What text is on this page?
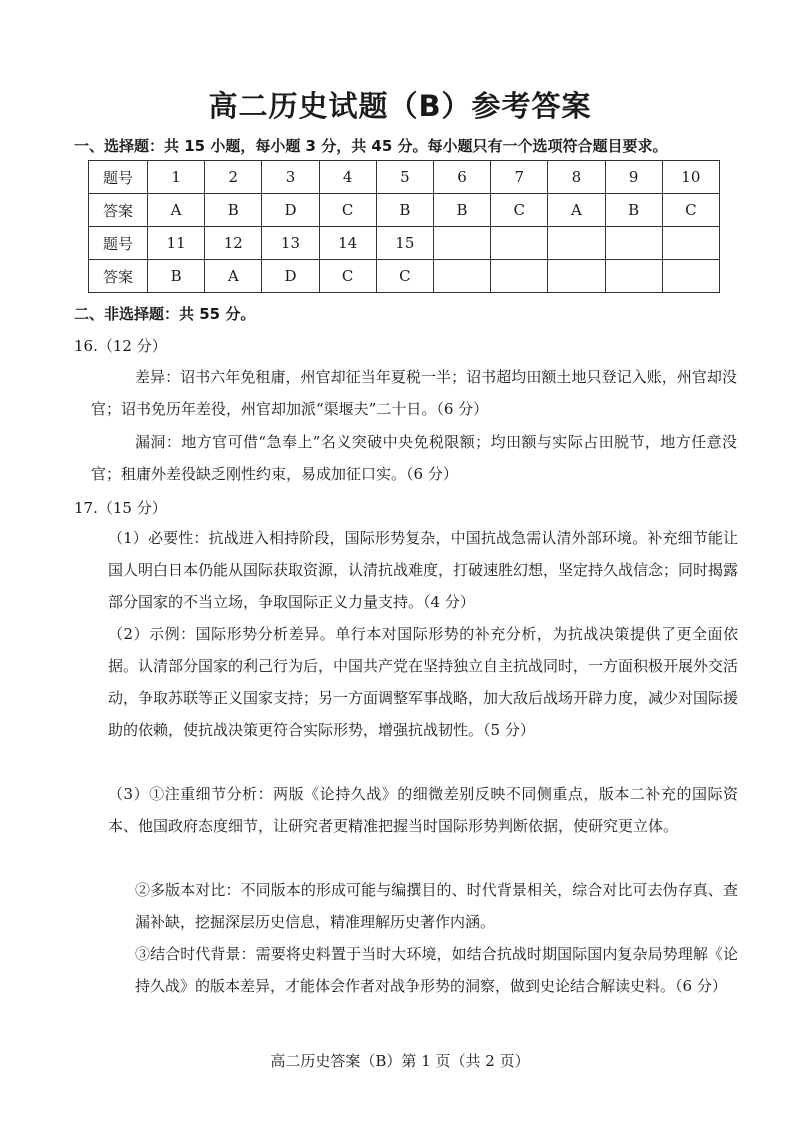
高二历史试题（B）参考答案
一、选择题：共 15 小题，每小题 3 分，共 45 分。每小题只有一个选项符合题目要求。
题号	1	2	3	4	5	6	7	8	9	10
答案	A	B	D	C	B	B	C	A	B	C
题号	11	12	13	14	15					
答案	B	A	D	C	C					
二、非选择题：共 55 分。
16.（12 分）
差异：诏书六年免租庸，州官却征当年夏税一半；诏书超均田额土地只登记入账，州官却没官；诏书免历年差役，州官却加派“渠堰夫”二十日。（6 分）
漏洞：地方官可借“急奉上”名义突破中央免税限额；均田额与实际占田脱节，地方任意没官；租庸外差役缺乏刚性约束，易成加征口实。（6 分）
17.（15 分）
（1）必要性：抗战进入相持阶段，国际形势复杂，中国抗战急需认清外部环境。补充细节能让国人明白日本仍能从国际获取资源，认清抗战难度，打破速胜幻想，坚定持久战信念；同时揭露部分国家的不当立场，争取国际正义力量支持。（4 分）
（2）示例：国际形势分析差异。单行本对国际形势的补充分析，为抗战决策提供了更全面依据。认清部分国家的利己行为后，中国共产党在坚持独立自主抗战同时，一方面积极开展外交活动，争取苏联等正义国家支持；另一方面调整军事战略，加大敌后战场开辟力度，减少对国际援助的依赖，使抗战决策更符合实际形势，增强抗战韧性。（5 分）
（3）①注重细节分析：两版《论持久战》的细微差别反映不同侧重点，版本二补充的国际资本、他国政府态度细节，让研究者更精准把握当时国际形势判断依据，使研究更立体。
②多版本对比：不同版本的形成可能与编撰目的、时代背景相关，综合对比可去伪存真、查漏补缺，挖掘深层历史信息，精准理解历史著作内涵。
③结合时代背景：需要将史料置于当时大环境，如结合抗战时期国际国内复杂局势理解《论持久战》的版本差异，才能体会作者对战争形势的洞察，做到史论结合解读史料。（6 分）
高二历史答案（B）第 1 页（共 2 页）
